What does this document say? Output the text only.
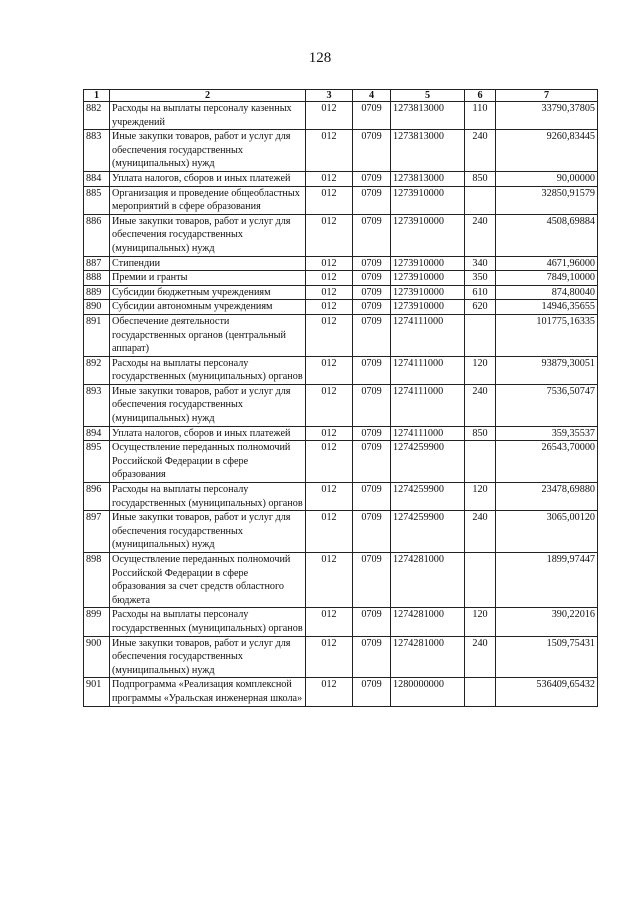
128
1	2	3	4	5	6	7
882	Расходы на выплаты персоналу казенных учреждений	012	0709	1273813000	110	33790,37805
883	Иные закупки товаров, работ и услуг для обеспечения государственных (муниципальных) нужд	012	0709	1273813000	240	9260,83445
884	Уплата налогов, сборов и иных платежей	012	0709	1273813000	850	90,00000
885	Организация и проведение общеобластных мероприятий в сфере образования	012	0709	1273910000		32850,91579
886	Иные закупки товаров, работ и услуг для обеспечения государственных (муниципальных) нужд	012	0709	1273910000	240	4508,69884
887	Стипендии	012	0709	1273910000	340	4671,96000
888	Премии и гранты	012	0709	1273910000	350	7849,10000
889	Субсидии бюджетным учреждениям	012	0709	1273910000	610	874,80040
890	Субсидии автономным учреждениям	012	0709	1273910000	620	14946,35655
891	Обеспечение деятельности государственных органов (центральный аппарат)	012	0709	1274111000		101775,16335
892	Расходы на выплаты персоналу государственных (муниципальных) органов	012	0709	1274111000	120	93879,30051
893	Иные закупки товаров, работ и услуг для обеспечения государственных (муниципальных) нужд	012	0709	1274111000	240	7536,50747
894	Уплата налогов, сборов и иных платежей	012	0709	1274111000	850	359,35537
895	Осуществление переданных полномочий Российской Федерации в сфере образования	012	0709	1274259900		26543,70000
896	Расходы на выплаты персоналу государственных (муниципальных) органов	012	0709	1274259900	120	23478,69880
897	Иные закупки товаров, работ и услуг для обеспечения государственных (муниципальных) нужд	012	0709	1274259900	240	3065,00120
898	Осуществление переданных полномочий Российской Федерации в сфере образования за счет средств областного бюджета	012	0709	1274281000		1899,97447
899	Расходы на выплаты персоналу государственных (муниципальных) органов	012	0709	1274281000	120	390,22016
900	Иные закупки товаров, работ и услуг для обеспечения государственных (муниципальных) нужд	012	0709	1274281000	240	1509,75431
901	Подпрограмма «Реализация комплексной программы «Уральская инженерная школа»	012	0709	1280000000		536409,65432
